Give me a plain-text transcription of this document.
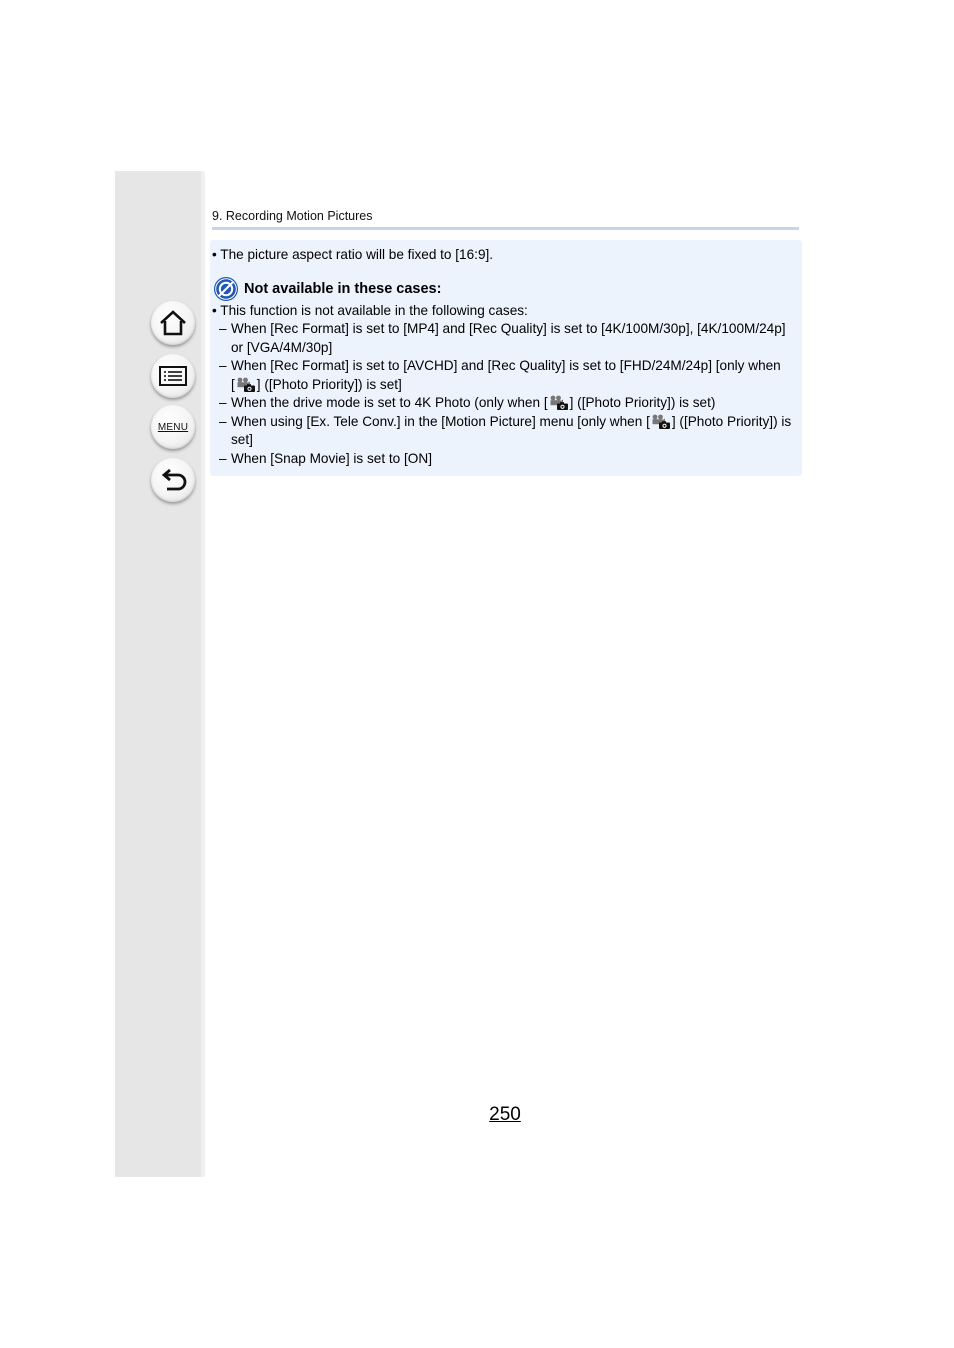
MENU
9. Recording Motion Pictures
• The picture aspect ratio will be fixed to [16:9].
Not available in these cases:
• This function is not available in the following cases:
– When [Rec Format] is set to [MP4] and [Rec Quality] is set to [4K/100M/30p], [4K/100M/24p]
or [VGA/4M/30p]
– When [Rec Format] is set to [AVCHD] and [Rec Quality] is set to [FHD/24M/24p] [only when
[ ] ([Photo Priority]) is set]
– When the drive mode is set to 4K Photo (only when [ ] ([Photo Priority]) is set)
– When using [Ex. Tele Conv.] in the [Motion Picture] menu [only when [ ] ([Photo Priority]) is
set]
– When [Snap Movie] is set to [ON]
250
